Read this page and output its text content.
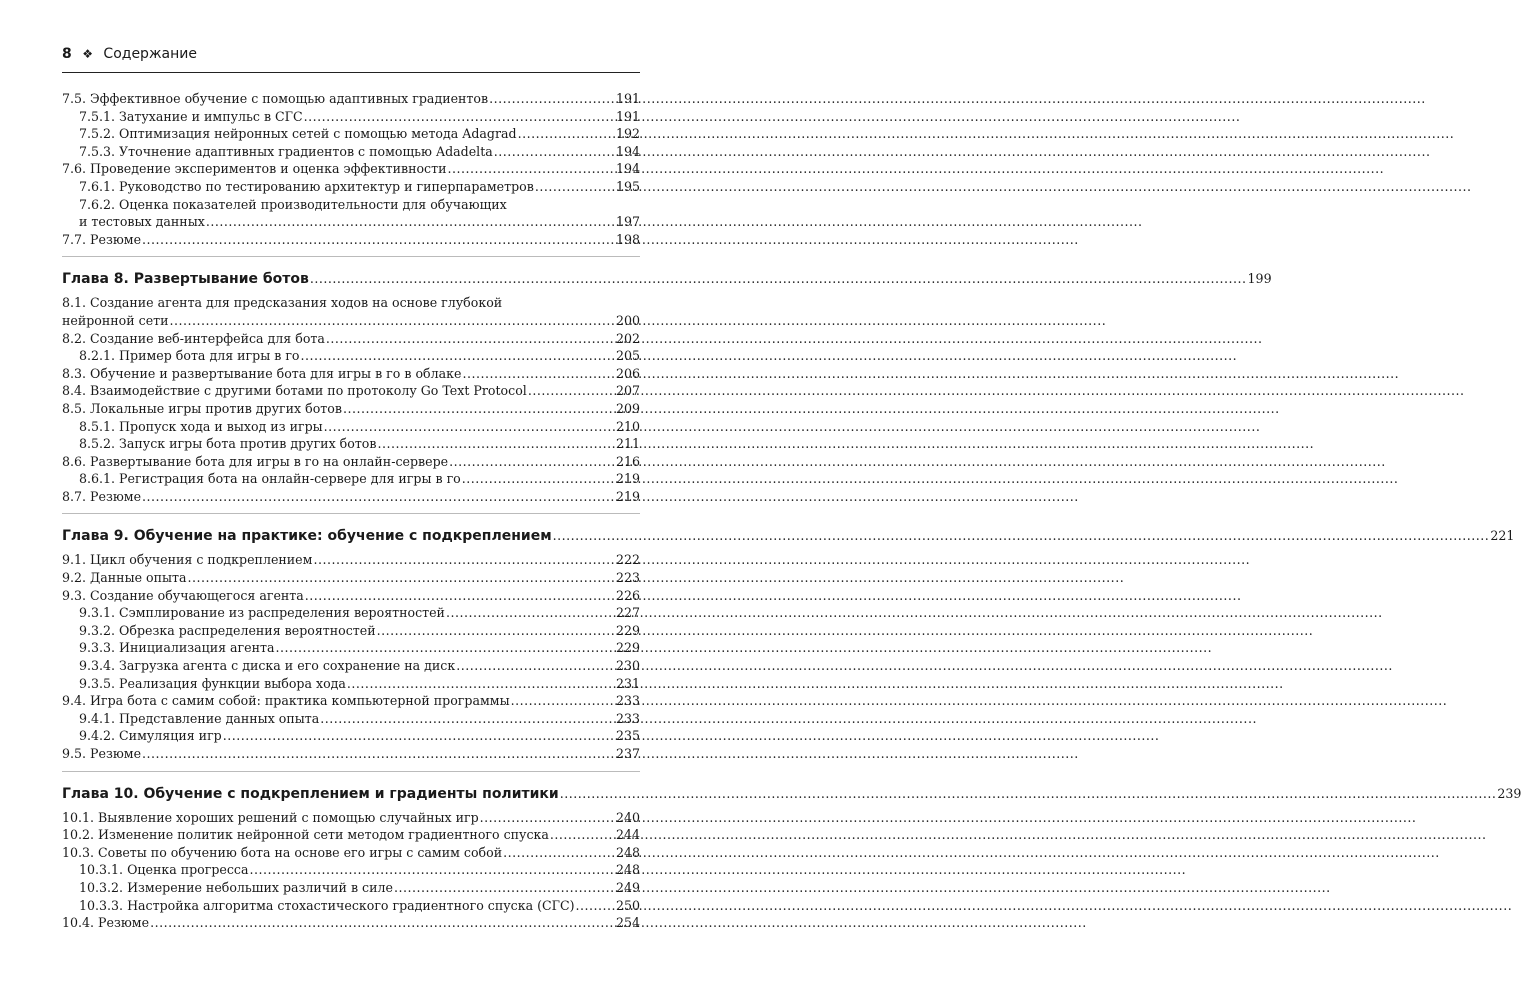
8 ❖ Содержание
7.5. Эффективное обучение с помощью адаптивных градиентов .....	191
7.5.1. Затухание и импульс в СГС .....	191
7.5.2. Оптимизация нейронных сетей с помощью метода Adagrad .....	192
7.5.3. Уточнение адаптивных градиентов с помощью Adadelta .....	194
7.6. Проведение экспериментов и оценка эффективности .....	194
7.6.1. Руководство по тестированию архитектур и гиперпараметров .....	195
7.6.2. Оценка показателей производительности для обучающих
и тестовых данных .....	197
7.7. Резюме .....	198
Глава 8. Развертывание ботов .....	199
8.1. Создание агента для предсказания ходов на основе глубокой
нейронной сети .....	200
8.2. Создание веб-интерфейса для бота .....	202
8.2.1. Пример бота для игры в го .....	205
8.3. Обучение и развертывание бота для игры в го в облаке .....	206
8.4. Взаимодействие с другими ботами по протоколу Go Text Protocol .....	207
8.5. Локальные игры против других ботов .....	209
8.5.1. Пропуск хода и выход из игры .....	210
8.5.2. Запуск игры бота против других ботов .....	211
8.6. Развертывание бота для игры в го на онлайн-сервере .....	216
8.6.1. Регистрация бота на онлайн-сервере для игры в го .....	219
8.7. Резюме .....	219
Глава 9. Обучение на практике: обучение с подкреплением .....	221
9.1. Цикл обучения с подкреплением .....	222
9.2. Данные опыта .....	223
9.3. Создание обучающегося агента .....	226
9.3.1. Сэмплирование из распределения вероятностей .....	227
9.3.2. Обрезка распределения вероятностей .....	229
9.3.3. Инициализация агента .....	229
9.3.4. Загрузка агента с диска и его сохранение на диск .....	230
9.3.5. Реализация функции выбора хода .....	231
9.4. Игра бота с самим собой: практика компьютерной программы .....	233
9.4.1. Представление данных опыта .....	233
9.4.2. Симуляция игр .....	235
9.5. Резюме .....	237
Глава 10. Обучение с подкреплением и градиенты политики .....	239
10.1. Выявление хороших решений с помощью случайных игр .....	240
10.2. Изменение политик нейронной сети методом градиентного спуска .....	244
10.3. Советы по обучению бота на основе его игры с самим собой .....	248
10.3.1. Оценка прогресса .....	248
10.3.2. Измерение небольших различий в силе .....	249
10.3.3. Настройка алгоритма стохастического градиентного спуска (СГС) .....	250
10.4. Резюме .....	254
